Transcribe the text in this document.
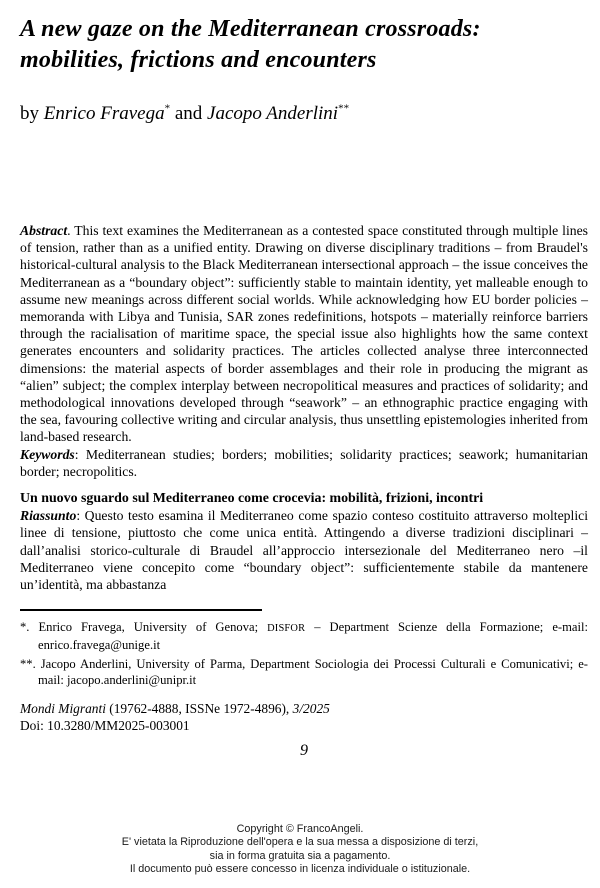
A new gaze on the Mediterranean crossroads: mobilities, frictions and encounters
by Enrico Fravega* and Jacopo Anderlini**
Abstract. This text examines the Mediterranean as a contested space constituted through multiple lines of tension, rather than as a unified entity. Drawing on diverse disciplinary traditions – from Braudel's historical-cultural analysis to the Black Mediterranean intersectional approach – the issue conceives the Mediterranean as a “boundary object”: sufficiently stable to maintain identity, yet malleable enough to assume new meanings across different social worlds. While acknowledging how EU border policies – memoranda with Libya and Tunisia, SAR zones redefinitions, hotspots – materially reinforce barriers through the racialisation of maritime space, the special issue also highlights how the same context generates encounters and solidarity practices. The articles collected analyse three interconnected dimensions: the material aspects of border assemblages and their role in producing the migrant as “alien” subject; the complex interplay between necropolitical measures and practices of solidarity; and methodological innovations developed through “seawork” – an ethnographic practice engaging with the sea, favouring collective writing and circular analysis, thus unsettling epistemologies inherited from land-based research.
Keywords: Mediterranean studies; borders; mobilities; solidarity practices; seawork; humanitarian border; necropolitics.
Un nuovo sguardo sul Mediterraneo come crocevia: mobilità, frizioni, incontri
Riassunto: Questo testo esamina il Mediterraneo come spazio conteso costituito attraverso molteplici linee di tensione, piuttosto che come unica entità. Attingendo a diverse tradizioni disciplinari – dall’analisi storico-culturale di Braudel all’approccio intersezionale del Mediterraneo nero –il Mediterraneo viene concepito come “boundary object”: sufficientemente stabile da mantenere un’identità, ma abbastanza
*. Enrico Fravega, University of Genova; DISFOR – Department Scienze della Formazione; e-mail: enrico.fravega@unige.it
**. Jacopo Anderlini, University of Parma, Department Sociologia dei Processi Culturali e Comunicativi; e-mail: jacopo.anderlini@unipr.it
Mondi Migranti (19762-4888, ISSNe 1972-4896), 3/2025
Doi: 10.3280/MM2025-003001
9
Copyright © FrancoAngeli.
E' vietata la Riproduzione dell'opera e la sua messa a disposizione di terzi,
sia in forma gratuita sia a pagamento.
Il documento può essere concesso in licenza individuale o istituzionale.
